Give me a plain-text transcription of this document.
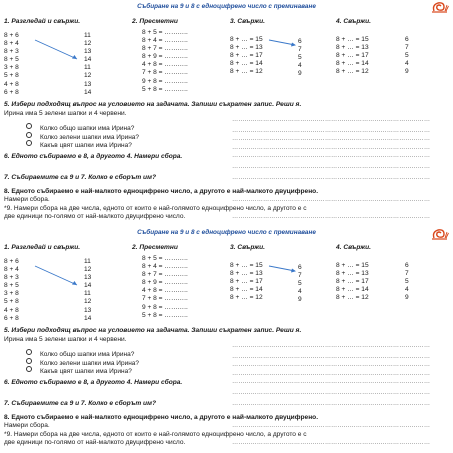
Събиране на 9 и 8 с едноцифрено число с преминаване
1. Разгледай и свържи.	2. Пресметни	3. Свържи.	4. Свържи.
8 + 6
8 + 4
8 + 3
8 + 5
3 + 8
5 + 8
4 + 8
6 + 8
11
12
13
14
11
12
13
14
8 + 5 = ………..
8 + 4 = ………..
8 + 7 = ………..
8 + 9 = ………..
4 + 8 = ………..
7 + 8 = ………..
9 + 8 = ………..
5 + 8 = ………..
8 + … = 15
8 + … = 13
8 + … = 17
8 + … = 14
8 + … = 12
6
7
5
4
9
8 + … = 15
8 + … = 13
8 + … = 17
8 + … = 14
8 + … = 12
6
7
5
4
9
5. Избери подходящ въпрос на условието на задачата. Запиши съкратен запис. Реши я.
Ирина има 5 зелени шапки и 4 червени.
Колко общо шапки има Ирина?
Колко зелени шапки има Ирина?
Какъв цвят шапки има Ирина?
……………………………………………………………………………………
……………………………………………………………………………………
……………………………………………………………………………………
……………………………………………………………………………………
6. Едното събираемо е 8, а другото 4. Намери сбора.	……………………………………………………………………………………
……………………………………………………………………………………
7. Събираемите са 9 и 7. Колко е сборът им?	……………………………………………………………………………………
8. Едното събираемо е най-малкото едноцифрено число, а другото е най-малкото двуцифрено.
Намери сбора.	……………………………………………………………………………………
*9. Намери сбора на две числа, едното от които е най-голямото едноцифрено число, а другото е с
две единици по-голямо от най-малкото двуцифрено число.	……………………………………………………………………………………
Събиране на 9 и 8 с едноцифрено число с преминаване
1. Разгледай и свържи.	2. Пресметни	3. Свържи.	4. Свържи.
8 + 6
8 + 4
8 + 3
8 + 5
3 + 8
5 + 8
4 + 8
6 + 8
11
12
13
14
11
12
13
14
8 + 5 = ………..
8 + 4 = ………..
8 + 7 = ………..
8 + 9 = ………..
4 + 8 = ………..
7 + 8 = ………..
9 + 8 = ………..
5 + 8 = ………..
8 + … = 15
8 + … = 13
8 + … = 17
8 + … = 14
8 + … = 12
6
7
5
4
9
8 + … = 15
8 + … = 13
8 + … = 17
8 + … = 14
8 + … = 12
6
7
5
4
9
5. Избери подходящ въпрос на условието на задачата. Запиши съкратен запис. Реши я.
Ирина има 5 зелени шапки и 4 червени.
Колко общо шапки има Ирина?
Колко зелени шапки има Ирина?
Какъв цвят шапки има Ирина?
……………………………………………………………………………………
……………………………………………………………………………………
……………………………………………………………………………………
……………………………………………………………………………………
6. Едното събираемо е 8, а другото 4. Намери сбора.	……………………………………………………………………………………
……………………………………………………………………………………
7. Събираемите са 9 и 7. Колко е сборът им?	……………………………………………………………………………………
8. Едното събираемо е най-малкото едноцифрено число, а другото е най-малкото двуцифрено.
Намери сбора.	……………………………………………………………………………………
*9. Намери сбора на две числа, едното от които е най-голямото едноцифрено число, а другото е с
две единици по-голямо от най-малкото двуцифрено число.	……………………………………………………………………………………
